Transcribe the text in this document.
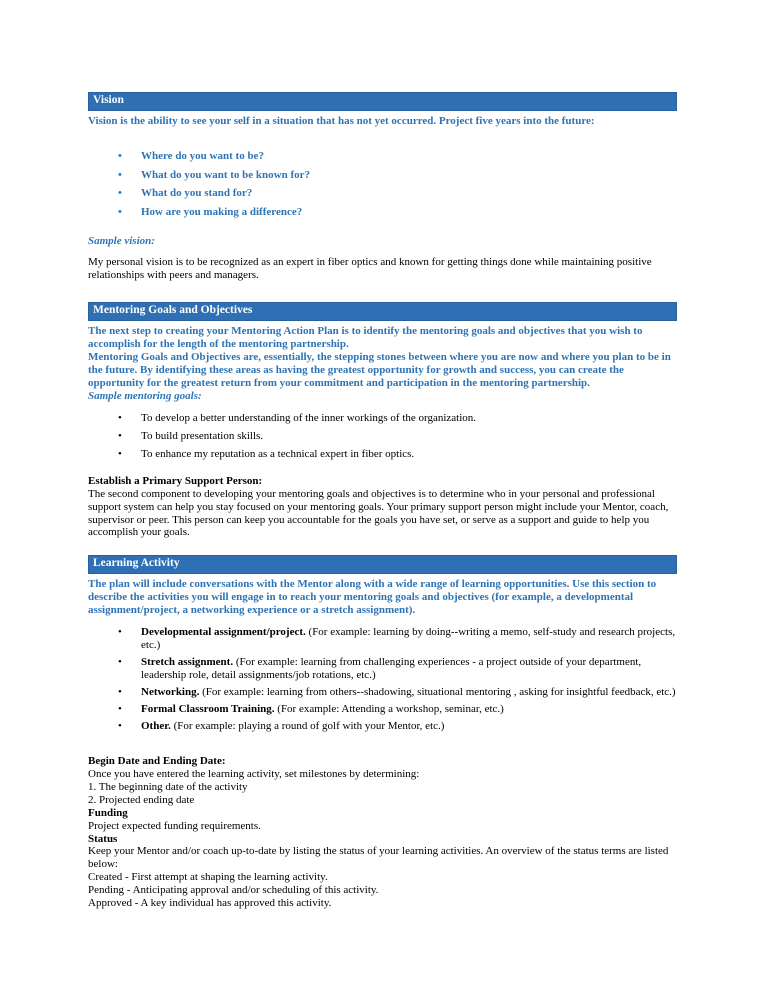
Vision

Vision is the ability to see your self in a situation that has not yet occurred. Project five years into the future:

• Where do you want to be?
• What do you want to be known for?
• What do you stand for?
• How are you making a difference?

Sample vision:

My personal vision is to be recognized as an expert in fiber optics and known for getting things done while maintaining positive relationships with peers and managers.

Mentoring Goals and Objectives

The next step to creating your Mentoring Action Plan is to identify the mentoring goals and objectives that you wish to accomplish for the length of the mentoring partnership.

Mentoring Goals and Objectives are, essentially, the stepping stones between where you are now and where you plan to be in the future. By identifying these areas as having the greatest opportunity for growth and success, you can create the opportunity for the greatest return from your commitment and participation in the mentoring partnership.

Sample mentoring goals:

• To develop a better understanding of the inner workings of the organization.
• To build presentation skills.
• To enhance my reputation as a technical expert in fiber optics.

Establish a Primary Support Person:

The second component to developing your mentoring goals and objectives is to determine who in your personal and professional support system can help you stay focused on your mentoring goals. Your primary support person might include your Mentor, coach, supervisor or peer. This person can keep you accountable for the goals you have set, or serve as a support and guide to help you accomplish your goals.

Learning Activity

The plan will include conversations with the Mentor along with a wide range of learning opportunities. Use this section to describe the activities you will engage in to reach your mentoring goals and objectives (for example, a developmental assignment/project, a networking experience or a stretch assignment).

• Developmental assignment/project. (For example: learning by doing--writing a memo, self-study and research projects, etc.)
• Stretch assignment. (For example: learning from challenging experiences - a project outside of your department, leadership role, detail assignments/job rotations, etc.)
• Networking. (For example: learning from others--shadowing, situational mentoring , asking for insightful feedback, etc.)
• Formal Classroom Training. (For example: Attending a workshop, seminar, etc.)
• Other. (For example: playing a round of golf with your Mentor, etc.)

Begin Date and Ending Date:

Once you have entered the learning activity, set milestones by determining:

1. The beginning date of the activity

2. Projected ending date

Funding

Project expected funding requirements.

Status

Keep your Mentor and/or coach up-to-date by listing the status of your learning activities. An overview of the status terms are listed below:

Created - First attempt at shaping the learning activity.

Pending - Anticipating approval and/or scheduling of this activity.

Approved - A key individual has approved this activity.
